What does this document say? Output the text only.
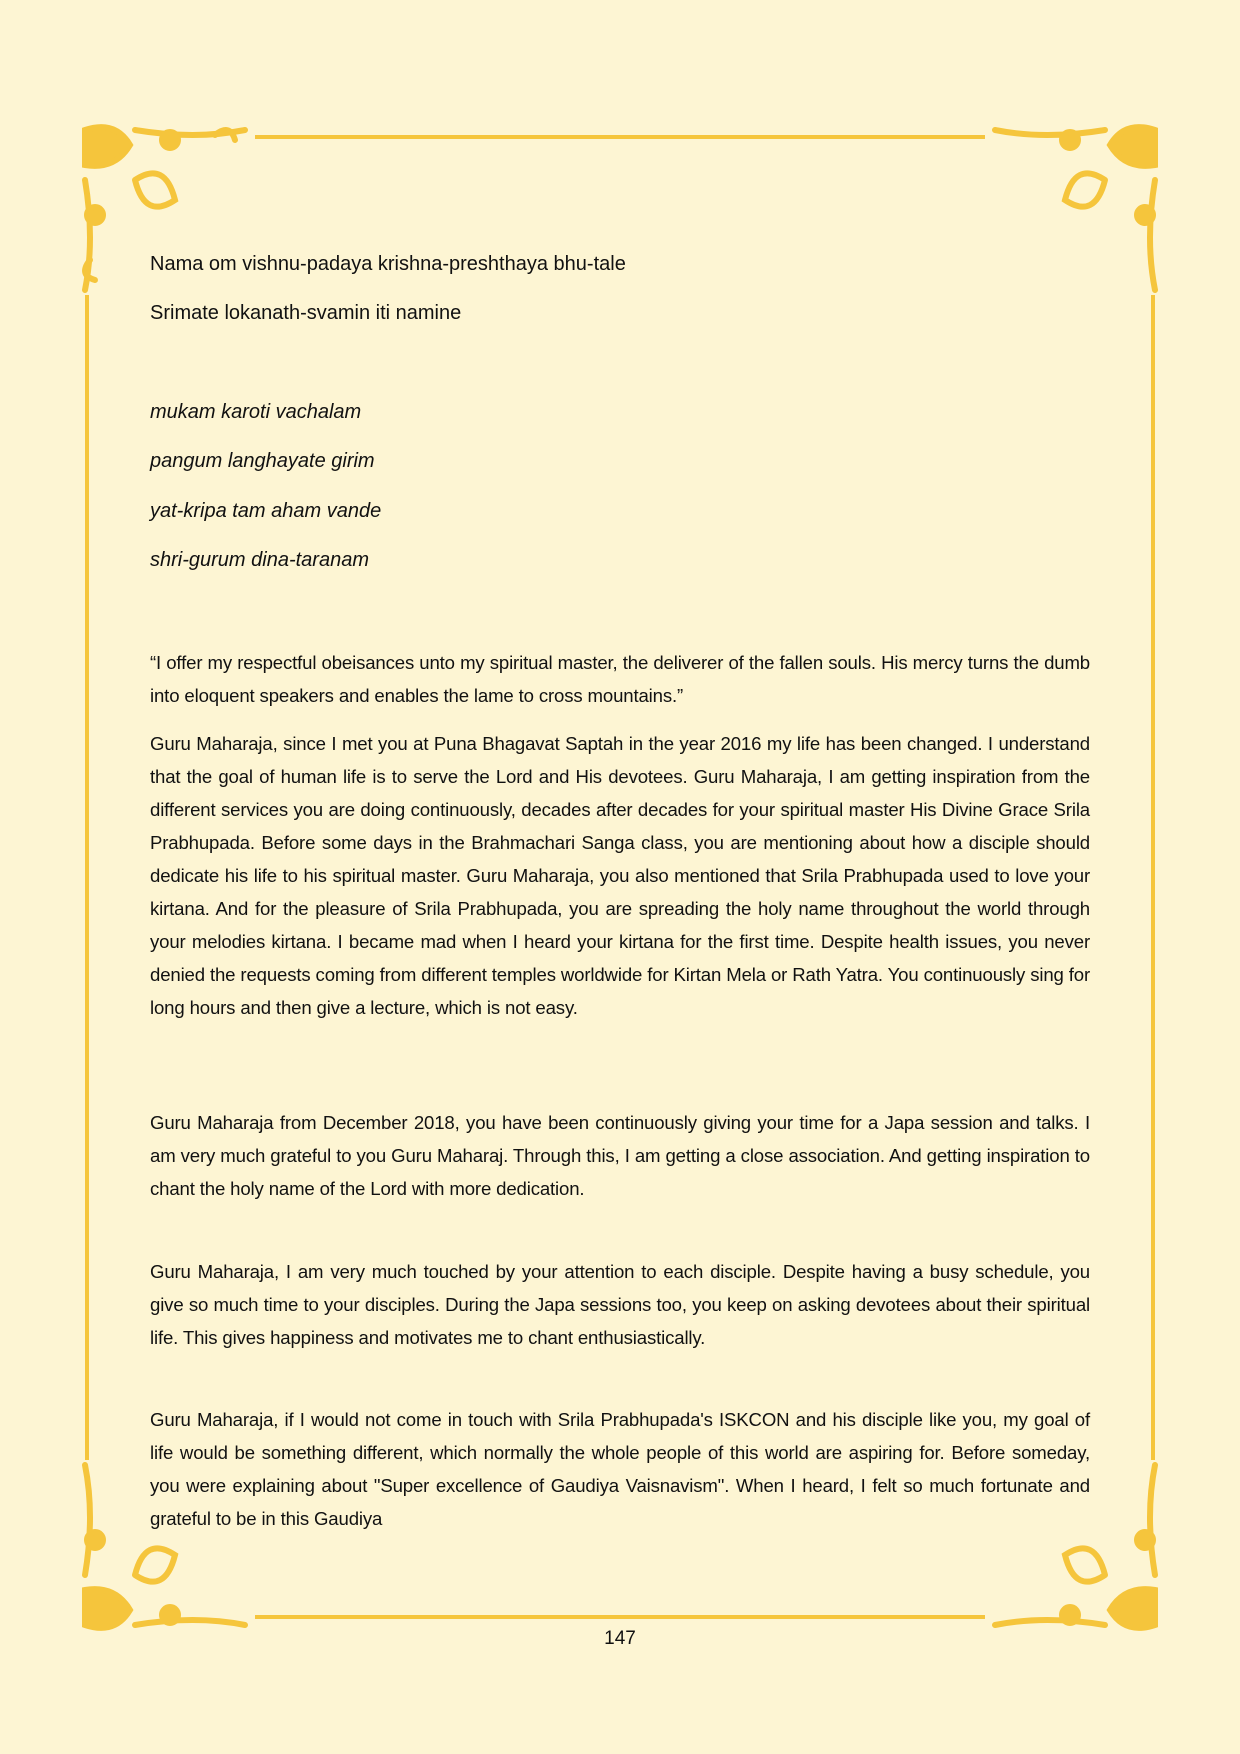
Nama om vishnu-padaya krishna-preshthaya bhu-tale
Srimate lokanath-svamin iti namine
mukam karoti vachalam
pangum langhayate girim
yat-kripa tam aham vande
shri-gurum dina-taranam
“I offer my respectful obeisances unto my spiritual master, the deliverer of the fallen souls. His mercy turns the dumb into eloquent speakers and enables the lame to cross mountains.”
Guru Maharaja, since I met you at Puna Bhagavat Saptah in the year 2016 my life has been changed. I understand that the goal of human life is to serve the Lord and His devotees. Guru Maharaja, I am getting inspiration from the different services you are doing continuously, decades after decades for your spiritual master His Divine Grace Srila Prabhupada. Before some days in the Brahmachari Sanga class, you are mentioning about how a disciple should dedicate his life to his spiritual master. Guru Maharaja, you also mentioned that Srila Prabhupada used to love your kirtana. And for the pleasure of Srila Prabhupada, you are spreading the holy name throughout the world through your melodies kirtana. I became mad when I heard your kirtana for the first time. Despite health issues, you never denied the requests coming from different temples worldwide for Kirtan Mela or Rath Yatra. You continuously sing for long hours and then give a lecture, which is not easy.
Guru Maharaja from December 2018, you have been continuously giving your time for a Japa session and talks. I am very much grateful to you Guru Maharaj. Through this, I am getting a close association. And getting inspiration to chant the holy name of the Lord with more dedication.
Guru Maharaja, I am very much touched by your attention to each disciple. Despite having a busy schedule, you give so much time to your disciples. During the Japa sessions too, you keep on asking devotees about their spiritual life. This gives happiness and motivates me to chant enthusiastically.
Guru Maharaja, if I would not come in touch with Srila Prabhupada's ISKCON and his disciple like you, my goal of life would be something different, which normally the whole people of this world are aspiring for. Before someday, you were explaining about "Super excellence of Gaudiya Vaisnavism". When I heard, I felt so much fortunate and grateful to be in this Gaudiya
147
